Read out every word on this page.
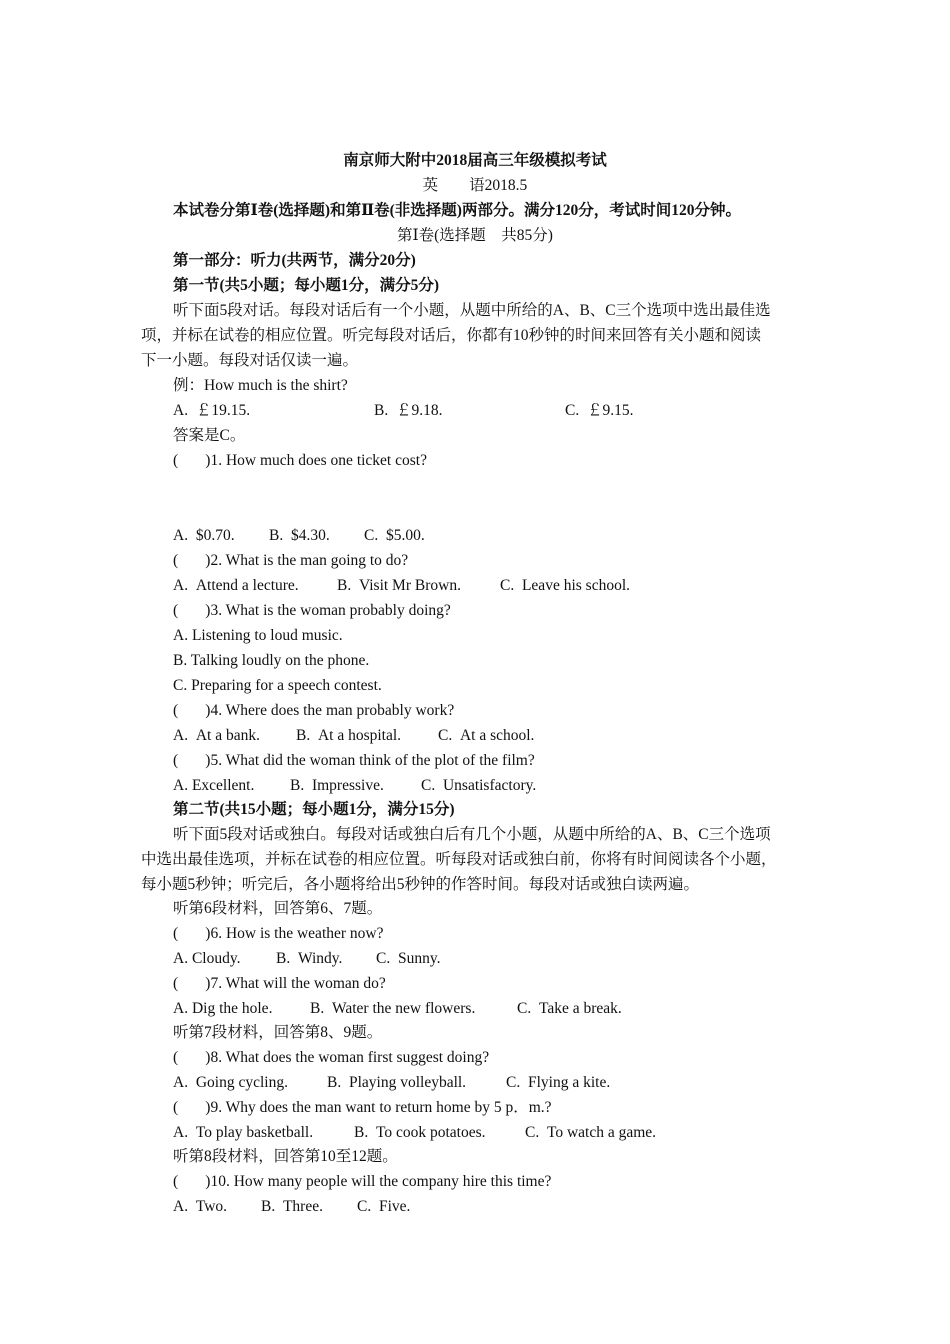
南京师大附中2018届高三年级模拟考试
英　　语2018.5
本试卷分第Ⅰ卷(选择题)和第Ⅱ卷(非选择题)两部分。满分120分，考试时间120分钟。
第Ⅰ卷(选择题　共85分)
第一部分：听力(共两节，满分20分)
第一节(共5小题；每小题1分，满分5分)
听下面5段对话。每段对话后有一个小题，从题中所给的A、B、C三个选项中选出最佳选
项，并标在试卷的相应位置。听完每段对话后，你都有10秒钟的时间来回答有关小题和阅读
下一小题。每段对话仅读一遍。
例：How much is the shirt?
A.  ￡19.15.	B.  ￡9.18.	C.  ￡9.15.
答案是C。
(       )1. How much does one ticket cost?
A.  $0.70. B.  $4.30. C.  $5.00.
(       )2. What is the man going to do?
A.  Attend a lecture. B.  Visit Mr Brown.	C.  Leave his school.
(       )3. What is the woman probably doing?
A. Listening to loud music.
B. Talking loudly on the phone.
C. Preparing for a speech contest.
(       )4. Where does the man probably work?
A.  At a bank. B.  At a hospital. C.  At a school.
(       )5. What did the woman think of the plot of the film?
A. Excellent. B.  Impressive. C.  Unsatisfactory.
第二节(共15小题；每小题1分，满分15分)
听下面5段对话或独白。每段对话或独白后有几个小题，从题中所给的A、B、C三个选项
中选出最佳选项，并标在试卷的相应位置。听每段对话或独白前，你将有时间阅读各个小题，
每小题5秒钟；听完后，各小题将给出5秒钟的作答时间。每段对话或独白读两遍。
听第6段材料，回答第6、7题。
(       )6. How is the weather now?
A. Cloudy. B.  Windy. C.  Sunny.
(       )7. What will the woman do?
A. Dig the hole. B.  Water the new flowers.	C.  Take a break.
听第7段材料，回答第8、9题。
(       )8. What does the woman first suggest doing?
A.  Going cycling.	B.  Playing volleyball.	C.  Flying a kite.
(       )9. Why does the man want to return home by 5 p．m.?
A.  To play basketball.	B.  To cook potatoes.	C.  To watch a game.
听第8段材料，回答第10至12题。
(       )10. How many people will the company hire this time?
A.  Two. B.  Three. C.  Five.
